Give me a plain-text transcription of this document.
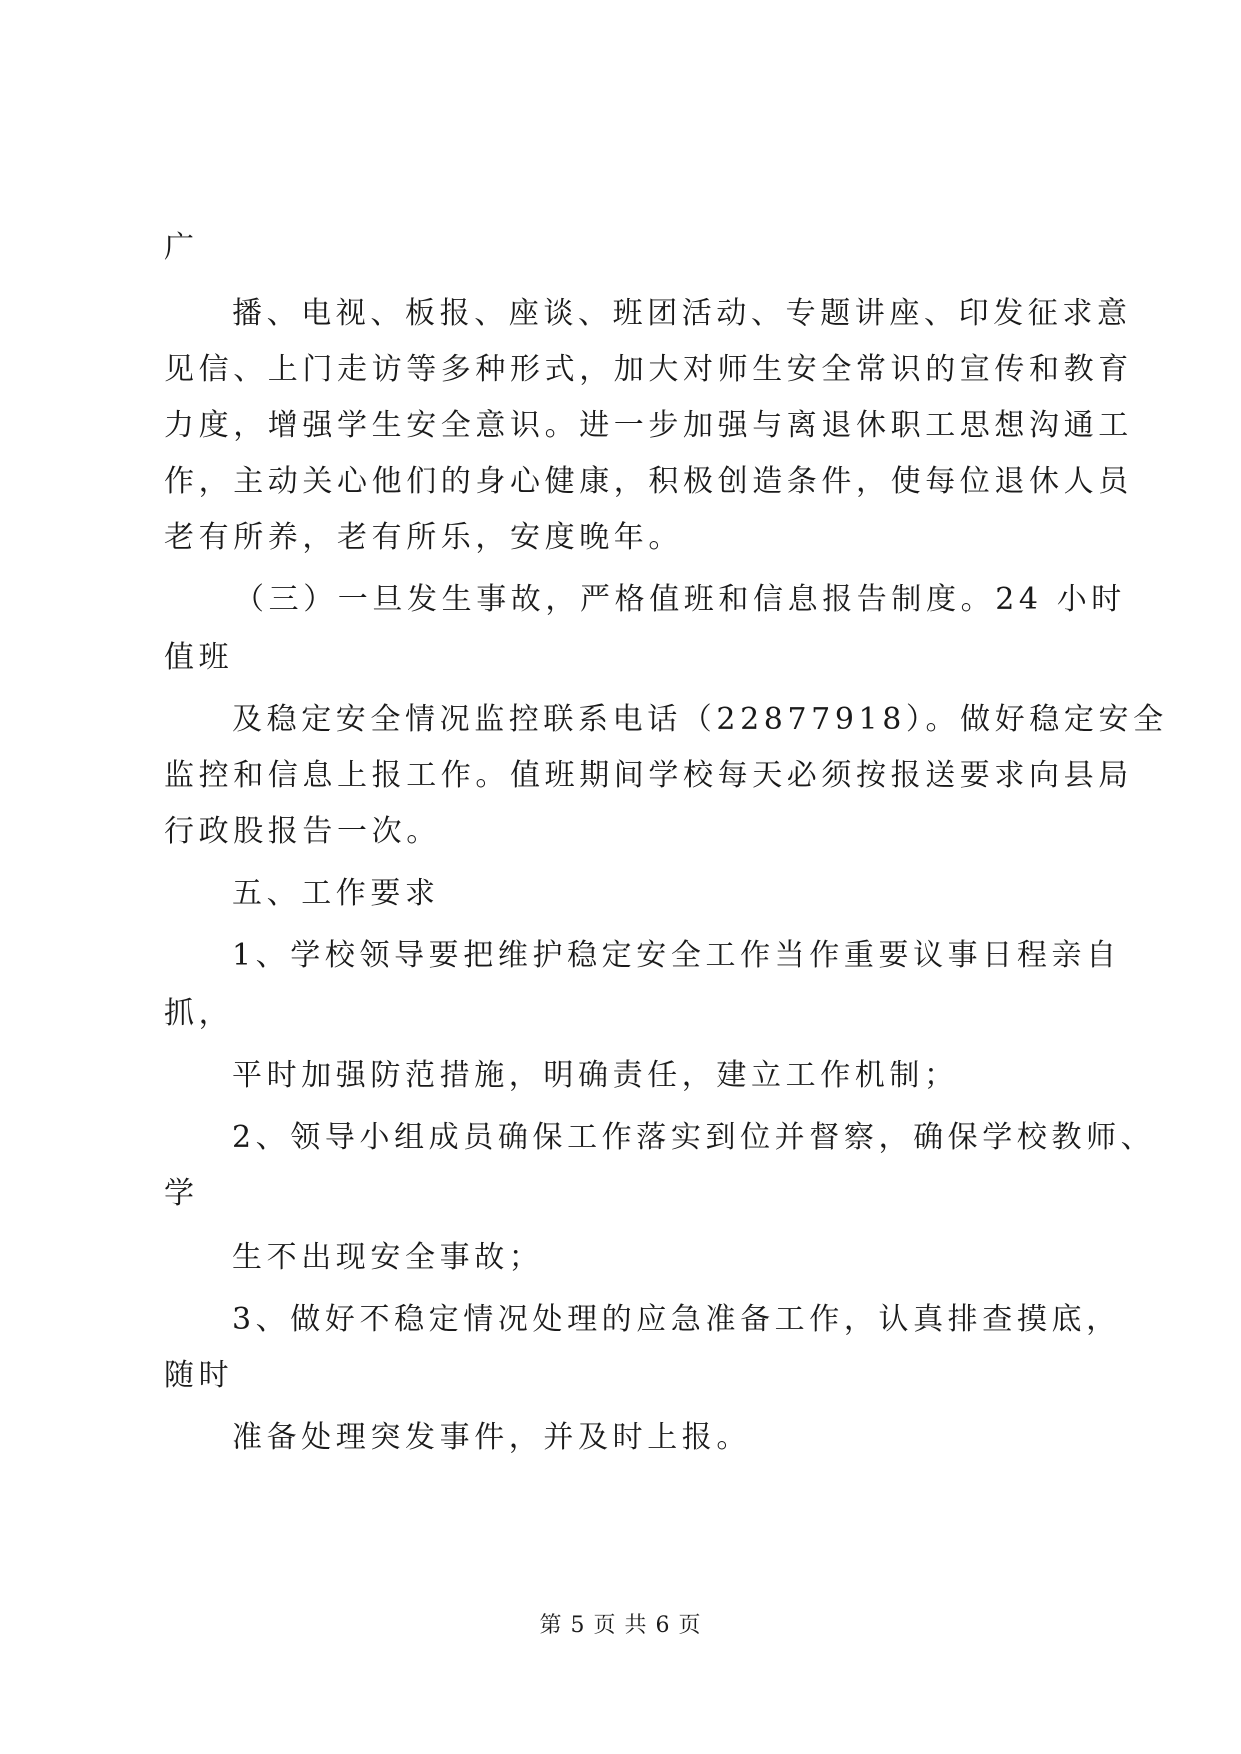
广
播、电视、板报、座谈、班团活动、专题讲座、印发征求意
见信、上门走访等多种形式，加大对师生安全常识的宣传和教育
力度，增强学生安全意识。进一步加强与离退休职工思想沟通工
作，主动关心他们的身心健康，积极创造条件，使每位退休人员
老有所养，老有所乐，安度晚年。
（三）一旦发生事故，严格值班和信息报告制度。24 小时
值班
及稳定安全情况监控联系电话（22877918）。做好稳定安全
监控和信息上报工作。值班期间学校每天必须按报送要求向县局
行政股报告一次。
五、工作要求
1、学校领导要把维护稳定安全工作当作重要议事日程亲自
抓，
平时加强防范措施，明确责任，建立工作机制；
2、领导小组成员确保工作落实到位并督察，确保学校教师、
学
生不出现安全事故；
3、做好不稳定情况处理的应急准备工作，认真排查摸底，
随时
准备处理突发事件，并及时上报。
第 5 页 共 6 页
